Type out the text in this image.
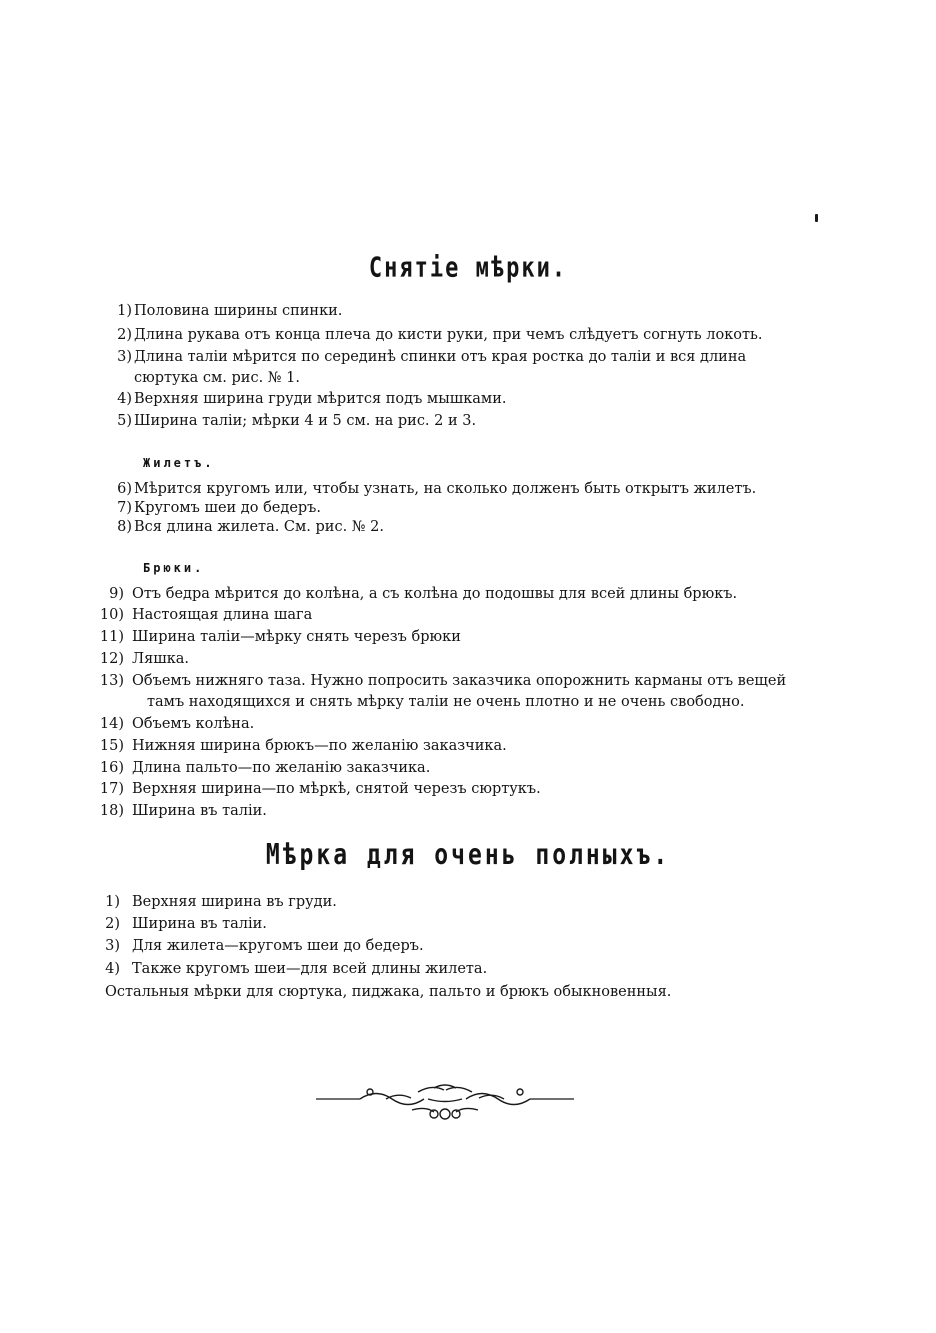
Снятіе мѣрки.
1) Половина ширины спинки.
2) Длина рукава отъ конца плеча до кисти руки, при чемъ слѣдуетъ согнуть локоть.
3) Длина таліи мѣрится по серединѣ спинки отъ края ростка до таліи и вся длина
сюртука см. рис. № 1.
4) Верхняя ширина груди мѣрится подъ мышками.
5) Ширина таліи; мѣрки 4 и 5 см. на рис. 2 и 3.
Жилетъ.
6) Мѣрится кругомъ или, чтобы узнать, на сколько долженъ быть открытъ жилетъ.
7) Кругомъ шеи до бедеръ.
8) Вся длина жилета. См. рис. № 2.
Брюки.
9) Отъ бедра мѣрится до колѣна, а съ колѣна до подошвы для всей длины брюкъ.
10) Настоящая длина шага
11) Ширина таліи—мѣрку снять черезъ брюки
12) Ляшка.
13) Объемъ нижняго таза. Нужно попросить заказчика опорожнить карманы отъ вещей
тамъ находящихся и снять мѣрку таліи не очень плотно и не очень свободно.
14) Объемъ колѣна.
15) Нижняя ширина брюкъ—по желанію заказчика.
16) Длина пальто—по желанію заказчика.
17) Верхняя ширина—по мѣркѣ, снятой черезъ сюртукъ.
18) Ширина въ таліи.
Мѣрка для очень полныхъ.
1) Верхняя ширина въ груди.
2) Ширина въ таліи.
3) Для жилета—кругомъ шеи до бедеръ.
4) Также кругомъ шеи—для всей длины жилета.
Остальныя мѣрки для сюртука, пиджака, пальто и брюкъ обыкновенныя.
